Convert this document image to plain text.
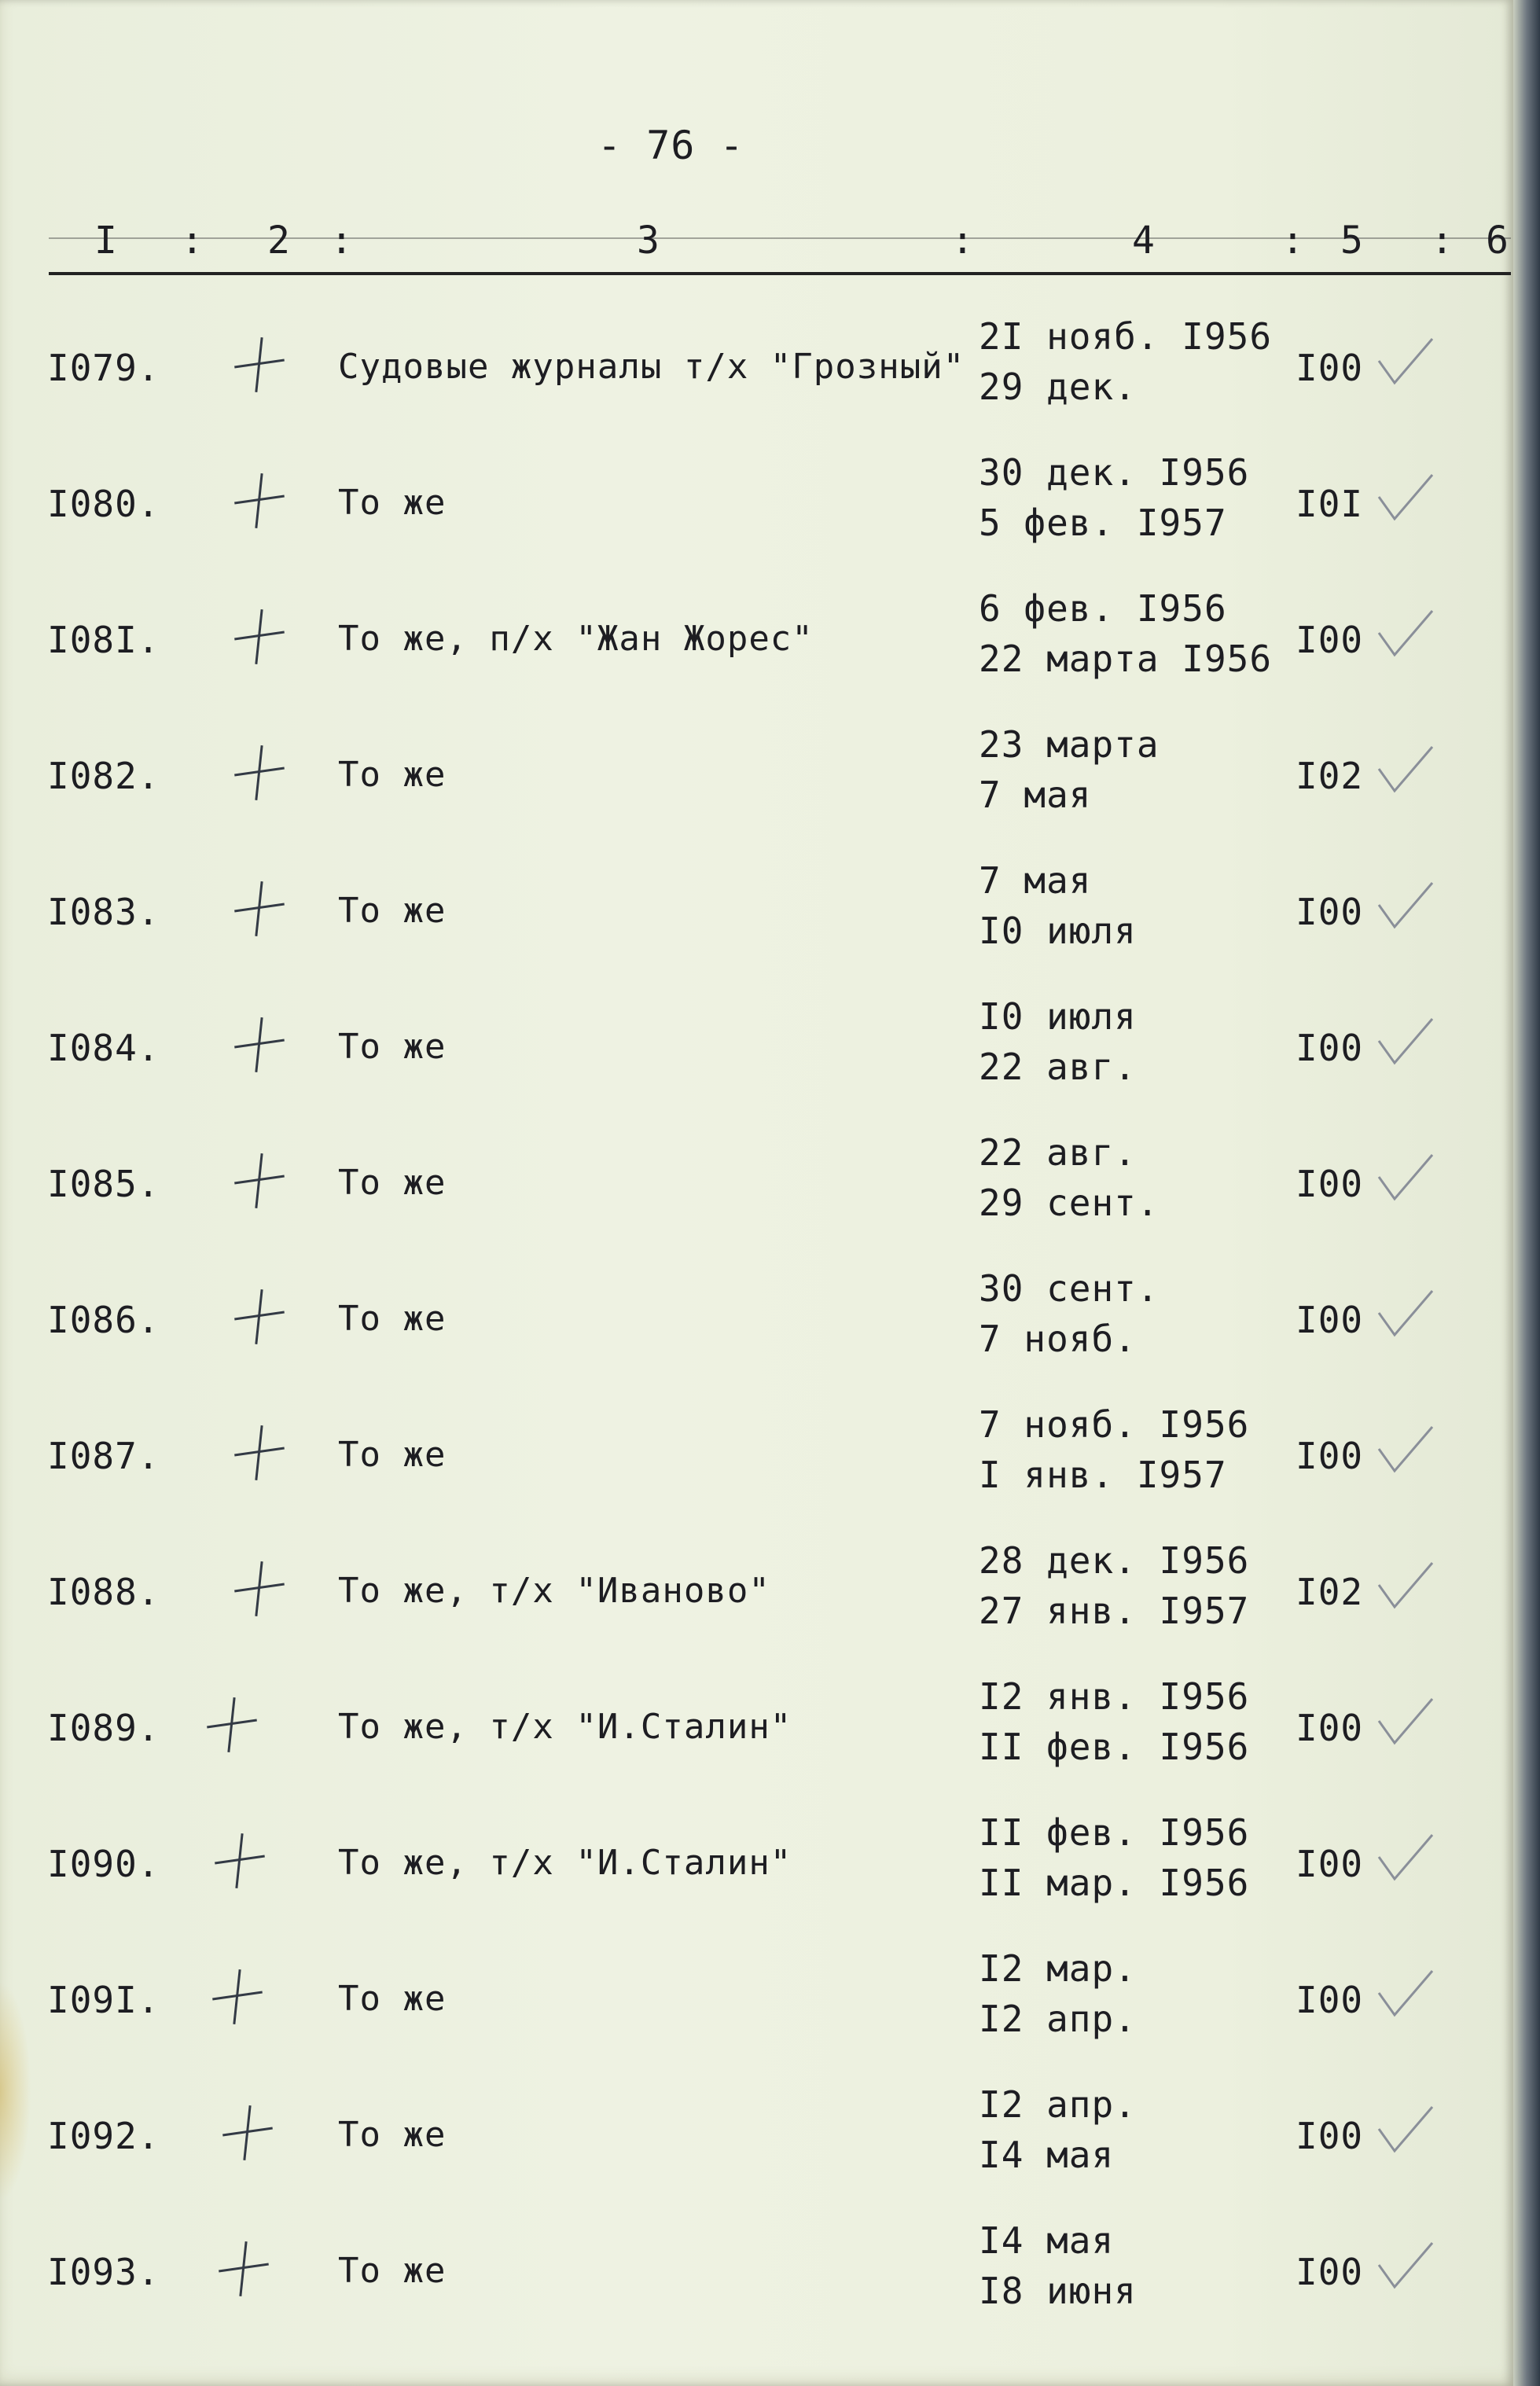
- 76 -
I : 2 :	3	:	4	: 5 : 6
I079.	Судовые журналы т/х "Грозный"
2I нояб. I956
29 дек.	I00
I080.	То же
30 дек. I956
5 фев. I957 I0I
I08I.	То же, п/х "Жан Жорес"
6 фев. I956
22 марта I956 I00
I082.	То же
23 марта
7 мая	I02
I083.	То же
7 мая
I0 июля	I00
I084.	То же
I0 июля
22 авг.	I00
I085.	То же
22 авг.
29 сент.	I00
I086.	То же
30 сент.
7 нояб.	I00
I087.	То же
7 нояб. I956
I янв. I957 I00
I088.	То же, т/х "Иваново"
28 дек. I956
27 янв. I957 I02
I089.	То же, т/х "И.Сталин"
I2 янв. I956
II фев. I956 I00
I090.	То же, т/х "И.Сталин"
II фев. I956
II мар. I956 I00
I09I.	То же
I2 мар.
I2 апр.	I00
I092.	То же
I2 апр.
I4 мая	I00
I093.	То же
I4 мая
I8 июня	I00
